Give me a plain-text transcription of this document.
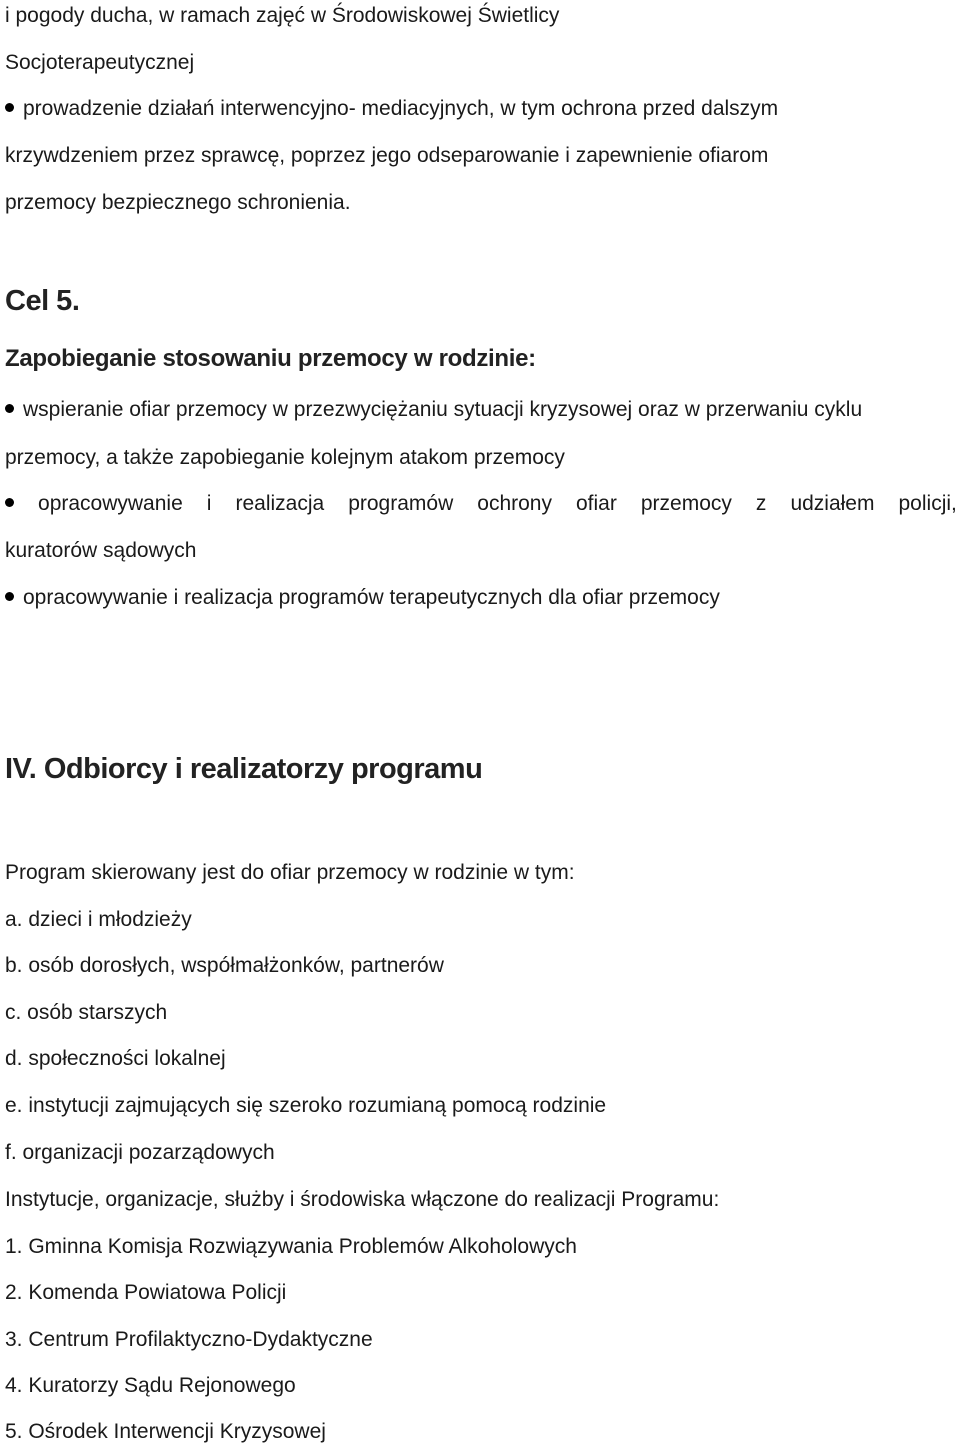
i pogody ducha, w ramach zajęć w Środowiskowej Świetlicy
Socjoterapeutycznej
prowadzenie działań interwencyjno- mediacyjnych, w tym ochrona przed dalszym
krzywdzeniem przez sprawcę, poprzez jego odseparowanie i zapewnienie ofiarom
przemocy bezpiecznego schronienia.
Cel 5.
Zapobieganie stosowaniu przemocy w rodzinie:
wspieranie ofiar przemocy w przezwyciężaniu sytuacji kryzysowej oraz w przerwaniu cyklu
przemocy, a także zapobieganie kolejnym atakom przemocy
opracowywanie i realizacja programów ochrony ofiar przemocy z udziałem policji,
kuratorów sądowych
opracowywanie i realizacja programów terapeutycznych dla ofiar przemocy
IV. Odbiorcy i realizatorzy programu
Program skierowany jest do ofiar przemocy w rodzinie w tym:
a. dzieci i młodzieży
b. osób dorosłych, współmałżonków, partnerów
c. osób starszych
d. społeczności lokalnej
e. instytucji zajmujących się szeroko rozumianą pomocą rodzinie
f. organizacji pozarządowych
Instytucje, organizacje, służby i środowiska włączone do realizacji Programu:
1. Gminna Komisja Rozwiązywania Problemów Alkoholowych
2. Komenda Powiatowa Policji
3. Centrum Profilaktyczno-Dydaktyczne
4. Kuratorzy Sądu Rejonowego
5. Ośrodek Interwencji Kryzysowej
